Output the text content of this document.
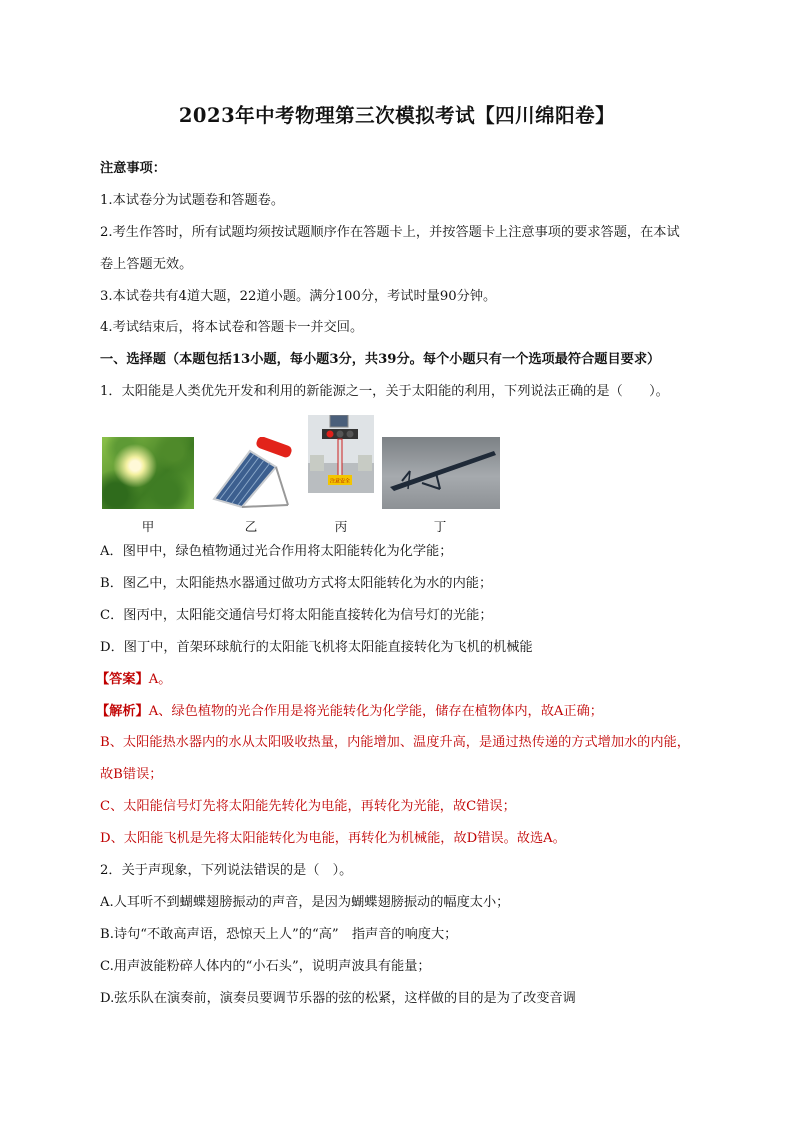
2023年中考物理第三次模拟考试【四川绵阳卷】
注意事项：
1.本试卷分为试题卷和答题卷。
2.考生作答时，所有试题均须按试题顺序作在答题卡上，并按答题卡上注意事项的要求答题，在本试
卷上答题无效。
3.本试卷共有4道大题，22道小题。满分100分，考试时量90分钟。
4.考试结束后，将本试卷和答题卡一并交回。
一、选择题（本题包括13小题，每小题3分，共39分。每个小题只有一个选项最符合题目要求）
1．太阳能是人类优先开发和利用的新能源之一，关于太阳能的利用，下列说法正确的是（　　）。
甲	乙
注意安全
丙	丁
A．图甲中，绿色植物通过光合作用将太阳能转化为化学能；
B．图乙中，太阳能热水器通过做功方式将太阳能转化为水的内能；
C．图丙中，太阳能交通信号灯将太阳能直接转化为信号灯的光能；
D．图丁中，首架环球航行的太阳能飞机将太阳能直接转化为飞机的机械能
【答案】A。
【解析】A、绿色植物的光合作用是将光能转化为化学能，储存在植物体内，故A正确；
B、太阳能热水器内的水从太阳吸收热量，内能增加、温度升高，是通过热传递的方式增加水的内能，
故B错误；
C、太阳能信号灯先将太阳能先转化为电能，再转化为光能，故C错误；
D、太阳能飞机是先将太阳能转化为电能，再转化为机械能，故D错误。故选A。
2．关于声现象，下列说法错误的是（　）。
A.人耳听不到蝴蝶翅膀振动的声音，是因为蝴蝶翅膀振动的幅度太小；
B.诗句“不敢高声语，恐惊天上人”的“高”　指声音的响度大；
C.用声波能粉碎人体内的“小石头”，说明声波具有能量；
D.弦乐队在演奏前，演奏员要调节乐器的弦的松紧，这样做的目的是为了改变音调
